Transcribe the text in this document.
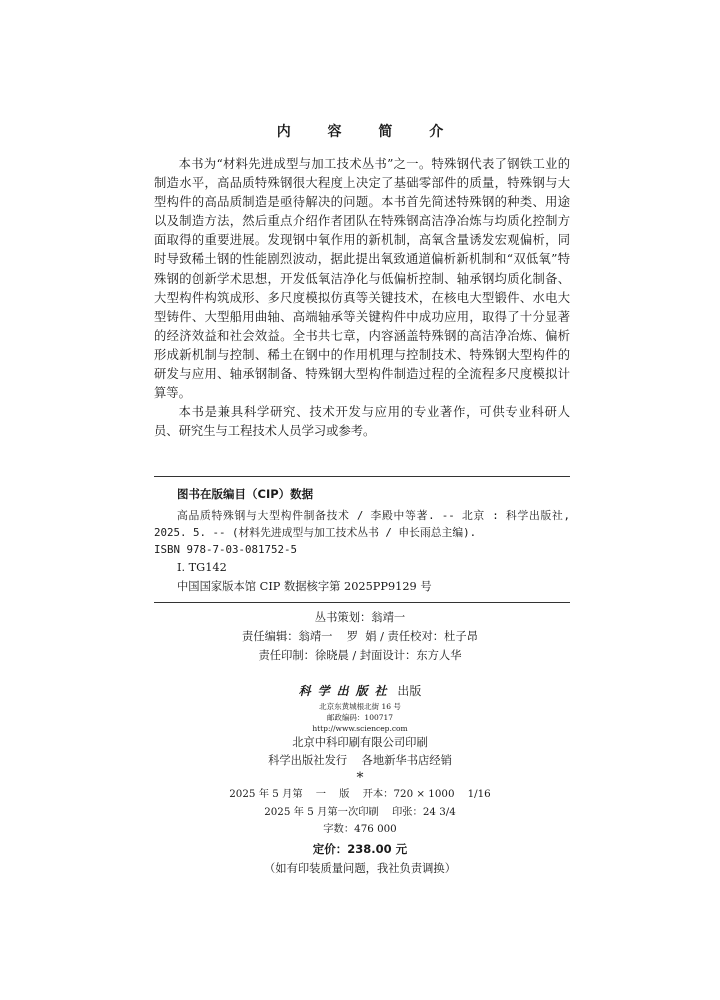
内 容 简 介

本书为“材料先进成型与加工技术丛书”之一。特殊钢代表了钢铁工业的制造水平，高品质特殊钢很大程度上决定了基础零部件的质量，特殊钢与大型构件的高品质制造是亟待解决的问题。本书首先简述特殊钢的种类、用途以及制造方法，然后重点介绍作者团队在特殊钢高洁净冶炼与均质化控制方面取得的重要进展。发现钢中氧作用的新机制，高氧含量诱发宏观偏析，同时导致稀土钢的性能剧烈波动，据此提出氧致通道偏析新机制和“双低氧”特殊钢的创新学术思想，开发低氧洁净化与低偏析控制、轴承钢均质化制备、大型构件构筑成形、多尺度模拟仿真等关键技术，在核电大型锻件、水电大型铸件、大型船用曲轴、高端轴承等关键构件中成功应用，取得了十分显著的经济效益和社会效益。全书共七章，内容涵盖特殊钢的高洁净冶炼、偏析形成新机制与控制、稀土在钢中的作用机理与控制技术、特殊钢大型构件的研发与应用、轴承钢制备、特殊钢大型构件制造过程的全流程多尺度模拟计算等。

本书是兼具科学研究、技术开发与应用的专业著作，可供专业科研人员、研究生与工程技术人员学习或参考。

图书在版编目（CIP）数据
高品质特殊钢与大型构件制备技术 / 李殿中等著. -- 北京 : 科学出版社, 2025. 5. -- (材料先进成型与加工技术丛书 / 申长雨总主编).
ISBN 978-7-03-081752-5
Ⅰ. TG142
中国国家版本馆 CIP 数据核字第 2025PP9129 号
丛书策划：翁靖一
责任编辑：翁靖一    罗  娟 / 责任校对：杜子昂
责任印制：徐晓晨 / 封面设计：东方人华
科学出版社 出版
北京东黄城根北街 16 号
邮政编码：100717
http://www.sciencep.com
北京中科印刷有限公司印刷
科学出版社发行    各地新华书店经销
*
2025 年 5 月第    一    版    开本：720 × 1000    1/16
2025 年 5 月第一次印刷    印张：24 3/4
字数：476 000
定价：238.00 元
（如有印装质量问题，我社负责调换）
